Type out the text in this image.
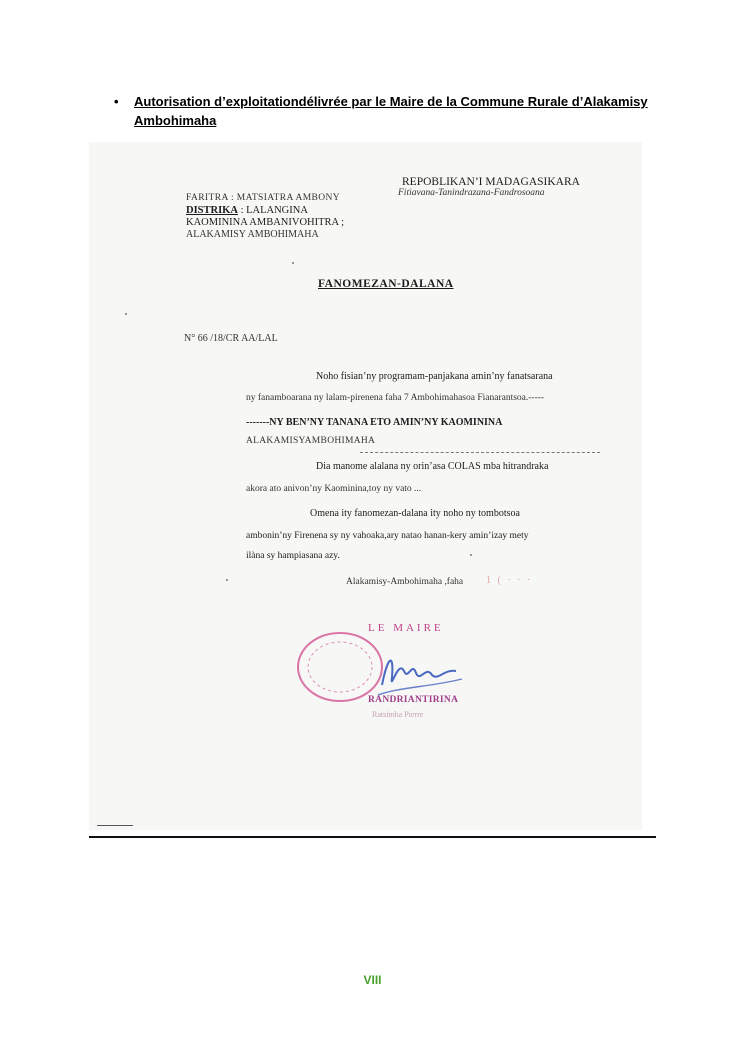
• Autorisation d’exploitationdélivrée par le Maire de la Commune Rurale d’Alakamisy Ambohimaha

REPOBLIKAN’I MADAGASIKARA

Fitiavana-Tanindrazana-Fandrosoana

FARITRA : MATSIATRA AMBONY

DISTRIKA : LALANGINA

KAOMININA AMBANIVOHITRA ;

ALAKAMISY AMBOHIMAHA

FANOMEZAN-DALANA

N° 66 /18/CR AA/LAL

Noho fisian’ny programam-panjakana amin’ny fanatsarana

ny fanamboarana ny lalam-pirenena faha 7 Ambohimahasoa Fianarantsoa.-----

-------NY BEN’NY TANANA ETO AMIN’NY KAOMININA

ALAKAMISYAMBOHIMAHA

Dia manome alalana ny orin’asa COLAS mba hitrandraka

akora ato anivon’ny Kaominina,toy ny vato ...

Omena ity fanomezan-dalana ity noho ny tombotsoa

ambonin’ny Firenena sy ny vahoaka,ary natao hanan-kery amin’izay mety

ilàna sy hampiasana azy.

Alakamisy-Ambohimaha ,faha 1 ( · · ·

LE MAIRE
RANDRIANTIRINA
Ratsimba Pierre
VIII
